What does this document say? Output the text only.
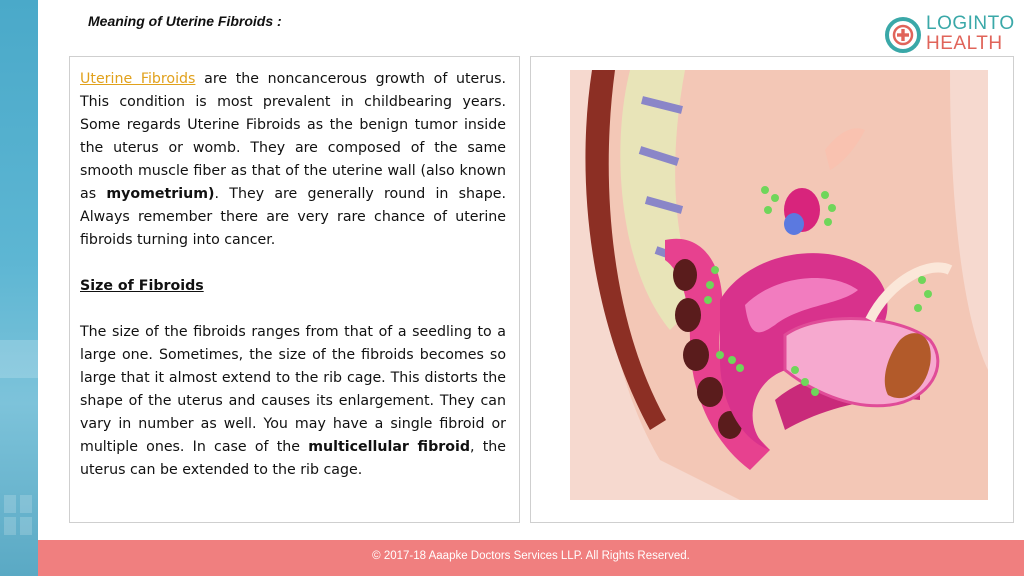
Meaning of Uterine Fibroids :	LOGINTO
HEALTH

Uterine Fibroids are the noncancerous growth of uterus. This condition is most prevalent in childbearing years. Some regards Uterine Fibroids as the benign tumor inside the uterus or womb. They are composed of the same smooth muscle fiber as that of the uterine wall (also known as myometrium). They are generally round in shape. Always remember there are very rare chance of uterine fibroids turning into cancer.

Size of Fibroids

The size of the fibroids ranges from that of a seedling to a large one. Sometimes, the size of the fibroids becomes so large that it almost extend to the rib cage. This distorts the shape of the uterus and causes its enlargement. They can vary in number as well. You may have a single fibroid or multiple ones. In case of the multicellular fibroid, the uterus can be extended to the rib cage.

© 2017-18 Aaapke Doctors Services LLP. All Rights Reserved.
